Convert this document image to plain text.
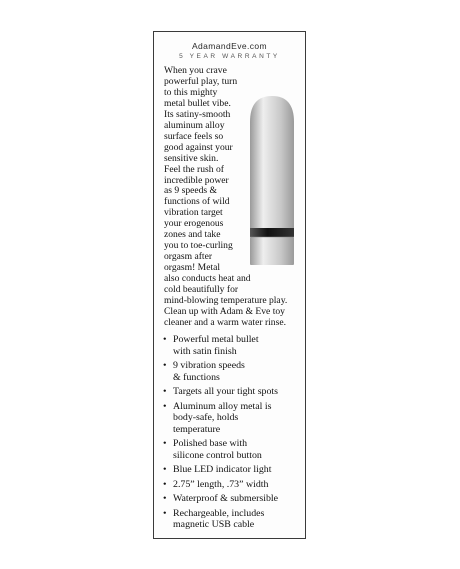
AdamandEve.com
5 YEAR WARRANTY
When you crave
powerful play, turn
to this mighty
metal bullet vibe.
Its satiny-smooth
aluminum alloy
surface feels so
good against your
sensitive skin.
Feel the rush of
incredible power
as 9 speeds &
functions of wild
vibration target
your erogenous
zones and take
you to toe-curling
orgasm after
orgasm! Metal
also conducts heat and
cold beautifully for
mind-blowing temperature play.
Clean up with Adam & Eve toy
cleaner and a warm water rinse.
• Powerful metal bullet
with satin finish
• 9 vibration speeds
& functions
• Targets all your tight spots
• Aluminum alloy metal is
body-safe, holds
temperature
• Polished base with
silicone control button
• Blue LED indicator light
• 2.75” length, .73” width
• Waterproof & submersible
• Rechargeable, includes
magnetic USB cable
